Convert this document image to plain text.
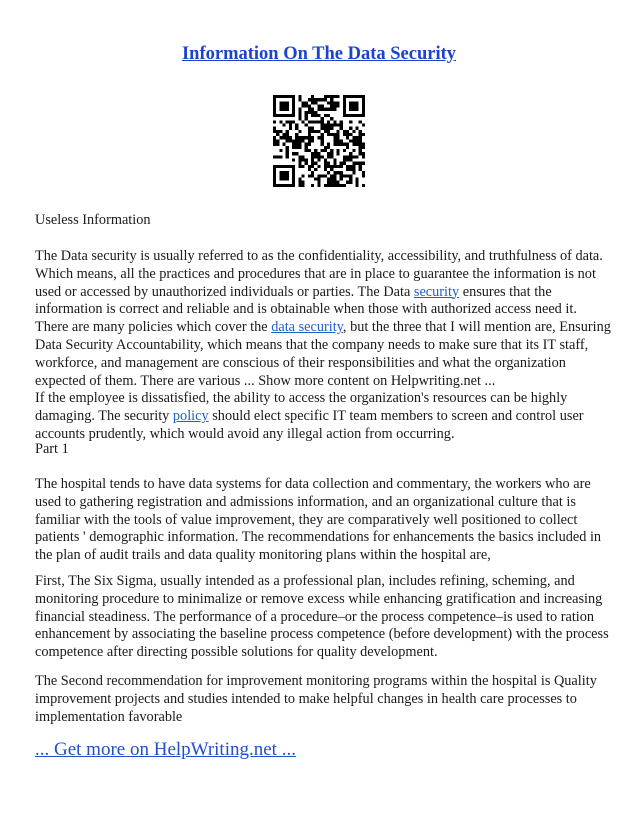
Information On The Data Security

Useless Information

The Data security is usually referred to as the confidentiality, accessibility, and truthfulness of data.
Which means, all the practices and procedures that are in place to guarantee the information is not
used or accessed by unauthorized individuals or parties. The Data security ensures that the
information is correct and reliable and is obtainable when those with authorized access need it.
There are many policies which cover the data security, but the three that I will mention are, Ensuring
Data Security Accountability, which means that the company needs to make sure that its IT staff,
workforce, and management are conscious of their responsibilities and what the organization
expected of them. There are various ... Show more content on Helpwriting.net ...
If the employee is dissatisfied, the ability to access the organization's resources can be highly
damaging. The security policy should elect specific IT team members to screen and control user
accounts prudently, which would avoid any illegal action from occurring.

Part 1

The hospital tends to have data systems for data collection and commentary, the workers who are
used to gathering registration and admissions information, and an organizational culture that is
familiar with the tools of value improvement, they are comparatively well positioned to collect
patients ' demographic information. The recommendations for enhancements the basics included in
the plan of audit trails and data quality monitoring plans within the hospital are,

First, The Six Sigma, usually intended as a professional plan, includes refining, scheming, and
monitoring procedure to minimalize or remove excess while enhancing gratification and increasing
financial steadiness. The performance of a procedure–or the process competence–is used to ration
enhancement by associating the baseline process competence (before development) with the process
competence after directing possible solutions for quality development.

The Second recommendation for improvement monitoring programs within the hospital is Quality
improvement projects and studies intended to make helpful changes in health care processes to
implementation favorable

... Get more on HelpWriting.net ...
